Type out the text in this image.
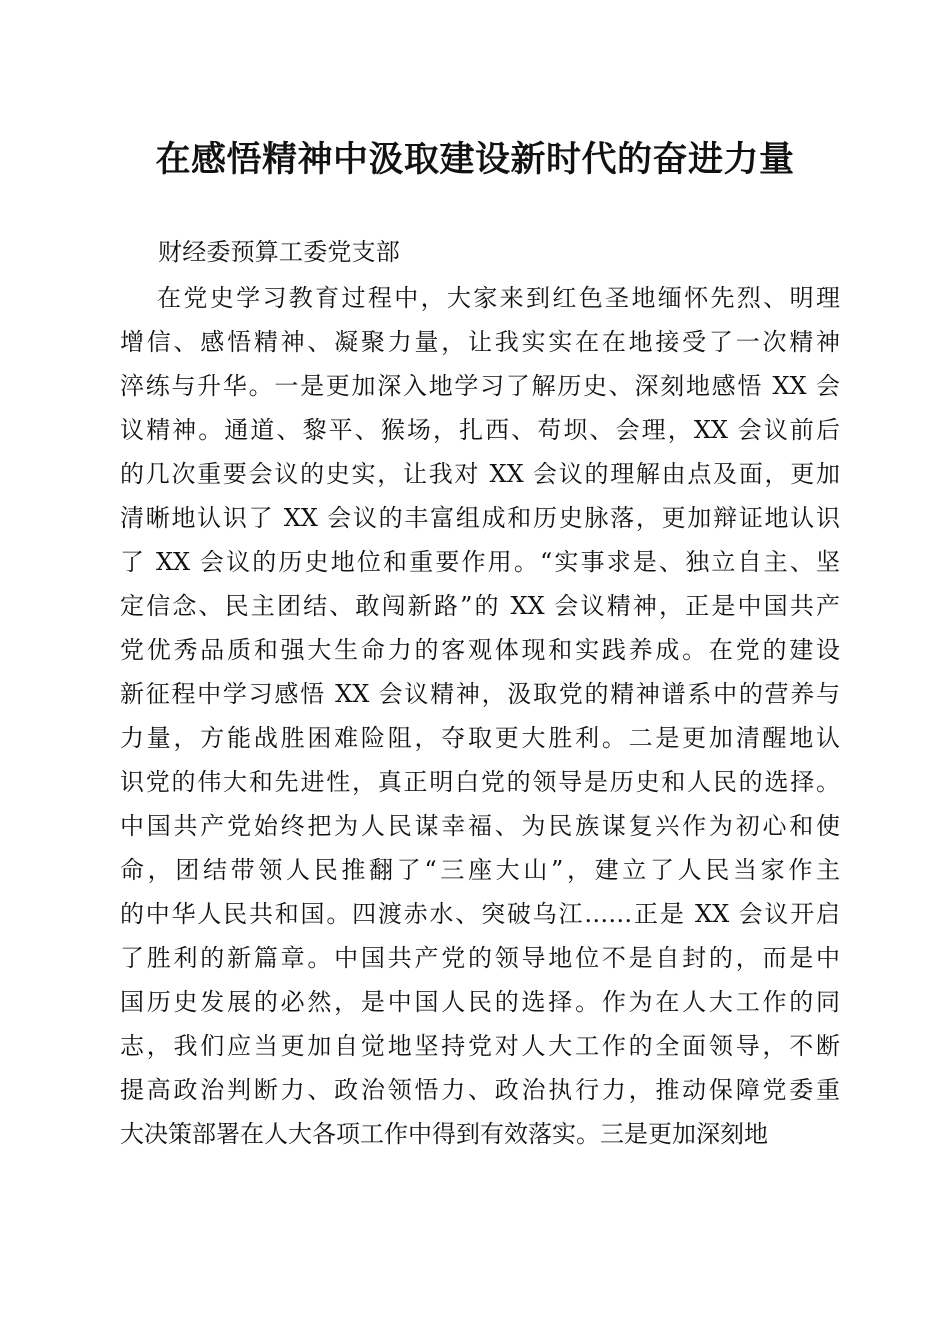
在感悟精神中汲取建设新时代的奋进力量
财经委预算工委党支部
在党史学习教育过程中，大家来到红色圣地缅怀先烈、明理
增信、感悟精神、凝聚力量，让我实实在在地接受了一次精神
淬练与升华。一是更加深入地学习了解历史、深刻地感悟 XX 会
议精神。通道、黎平、猴场，扎西、苟坝、会理，XX 会议前后
的几次重要会议的史实，让我对 XX 会议的理解由点及面，更加
清晰地认识了 XX 会议的丰富组成和历史脉落，更加辩证地认识
了 XX 会议的历史地位和重要作用。“实事求是、独立自主、坚
定信念、民主团结、敢闯新路”的 XX 会议精神，正是中国共产
党优秀品质和强大生命力的客观体现和实践养成。在党的建设
新征程中学习感悟 XX 会议精神，汲取党的精神谱系中的营养与
力量，方能战胜困难险阻，夺取更大胜利。二是更加清醒地认
识党的伟大和先进性，真正明白党的领导是历史和人民的选择。
中国共产党始终把为人民谋幸福、为民族谋复兴作为初心和使
命，团结带领人民推翻了“三座大山”，建立了人民当家作主
的中华人民共和国。四渡赤水、突破乌江……正是 XX 会议开启
了胜利的新篇章。中国共产党的领导地位不是自封的，而是中
国历史发展的必然，是中国人民的选择。作为在人大工作的同
志，我们应当更加自觉地坚持党对人大工作的全面领导，不断
提高政治判断力、政治领悟力、政治执行力，推动保障党委重
大决策部署在人大各项工作中得到有效落实。三是更加深刻地
